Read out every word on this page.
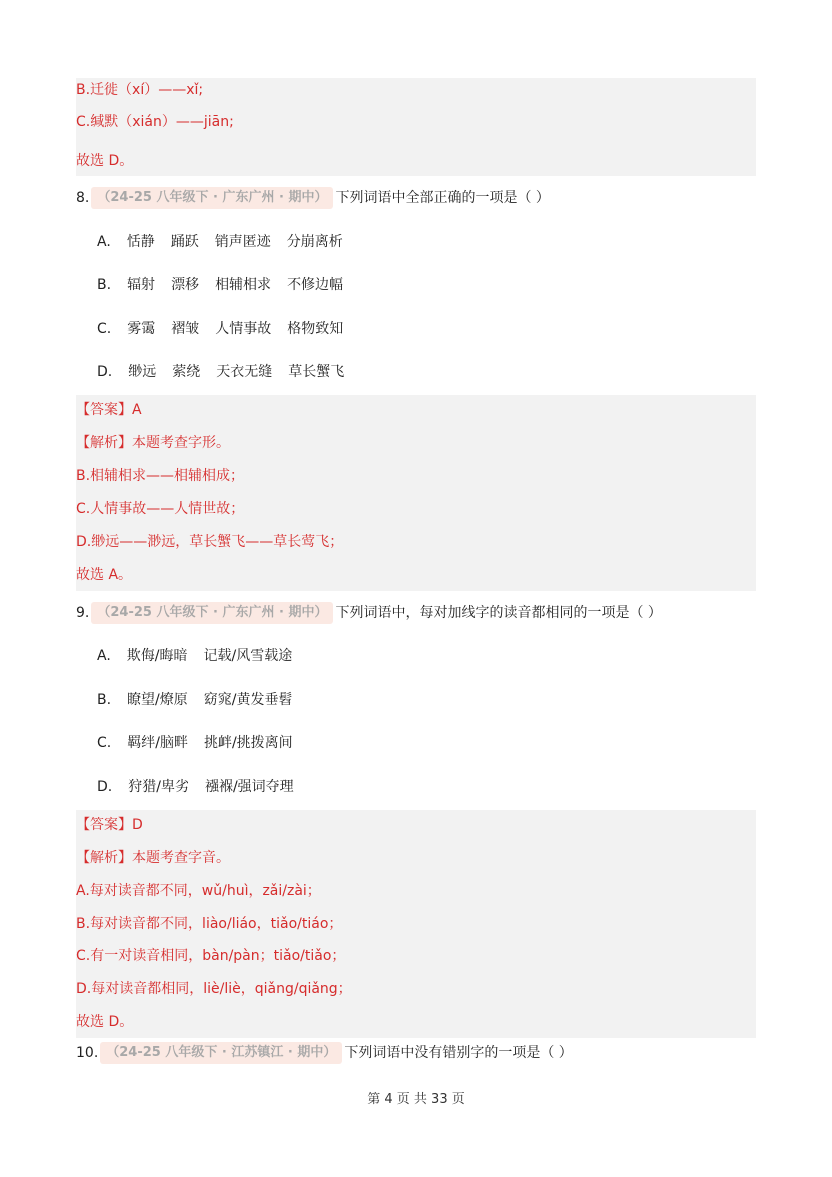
B.迁徙（xí）——xǐ;
C.缄默（xián）——jiān;
故选 D。
8. （24-25 八年级下 · 广东广州 · 期中） 下列词语中全部正确的一项是（ ）
A. 恬静 踊跃 销声匿迹 分崩离析
B. 辐射 漂移 相辅相求 不修边幅
C. 雾霭 褶皱 人情事故 格物致知
D. 缈远 萦绕 天衣无缝 草长蟹飞
【答案】A
【解析】本题考查字形。
B.相辅相求——相辅相成；
C.人情事故——人情世故；
D.缈远——渺远，草长蟹飞——草长莺飞；
故选 A。
9. （24-25 八年级下 · 广东广州 · 期中） 下列词语中，每对加线字的读音都相同的一项是（ ）
A. 欺侮/晦暗 记载/风雪载途
B. 瞭望/燎原 窈窕/黄发垂髫
C. 羁绊/脑畔 挑衅/挑拨离间
D. 狩猎/卑劣 襁褓/强词夺理
【答案】D
【解析】本题考查字音。
A.每对读音都不同，wǔ/huì，zǎi/zài；
B.每对读音都不同，liào/liáo，tiǎo/tiáo；
C.有一对读音相同，bàn/pàn；tiǎo/tiǎo；
D.每对读音都相同，liè/liè，qiǎng/qiǎng；
故选 D。
10. （24-25 八年级下 · 江苏镇江 · 期中） 下列词语中没有错别字的一项是（ ）
第 4 页 共 33 页
